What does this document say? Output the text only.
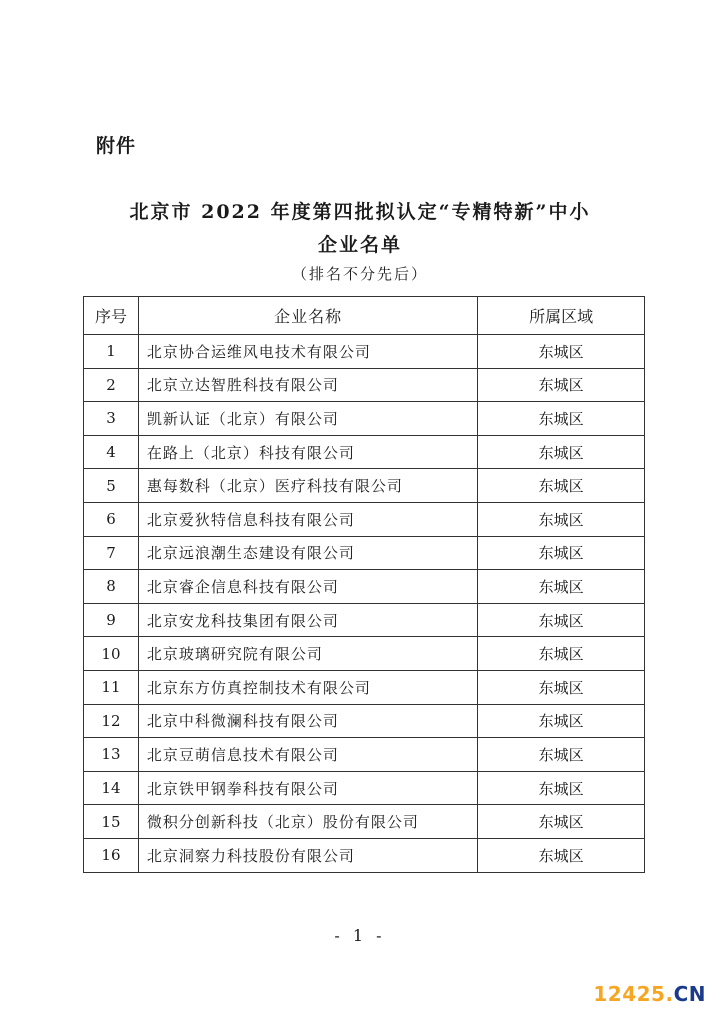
附件
北京市 2022 年度第四批拟认定“专精特新”中小
企业名单
（排名不分先后）
序号	企业名称	所属区域
1	北京协合运维风电技术有限公司	东城区
2	北京立达智胜科技有限公司	东城区
3	凯新认证（北京）有限公司	东城区
4	在路上（北京）科技有限公司	东城区
5	惠每数科（北京）医疗科技有限公司	东城区
6	北京爱狄特信息科技有限公司	东城区
7	北京远浪潮生态建设有限公司	东城区
8	北京睿企信息科技有限公司	东城区
9	北京安龙科技集团有限公司	东城区
10	北京玻璃研究院有限公司	东城区
11	北京东方仿真控制技术有限公司	东城区
12	北京中科微澜科技有限公司	东城区
13	北京豆萌信息技术有限公司	东城区
14	北京铁甲钢拳科技有限公司	东城区
15	微积分创新科技（北京）股份有限公司	东城区
16	北京洞察力科技股份有限公司	东城区
- 1 -
12425.CN
